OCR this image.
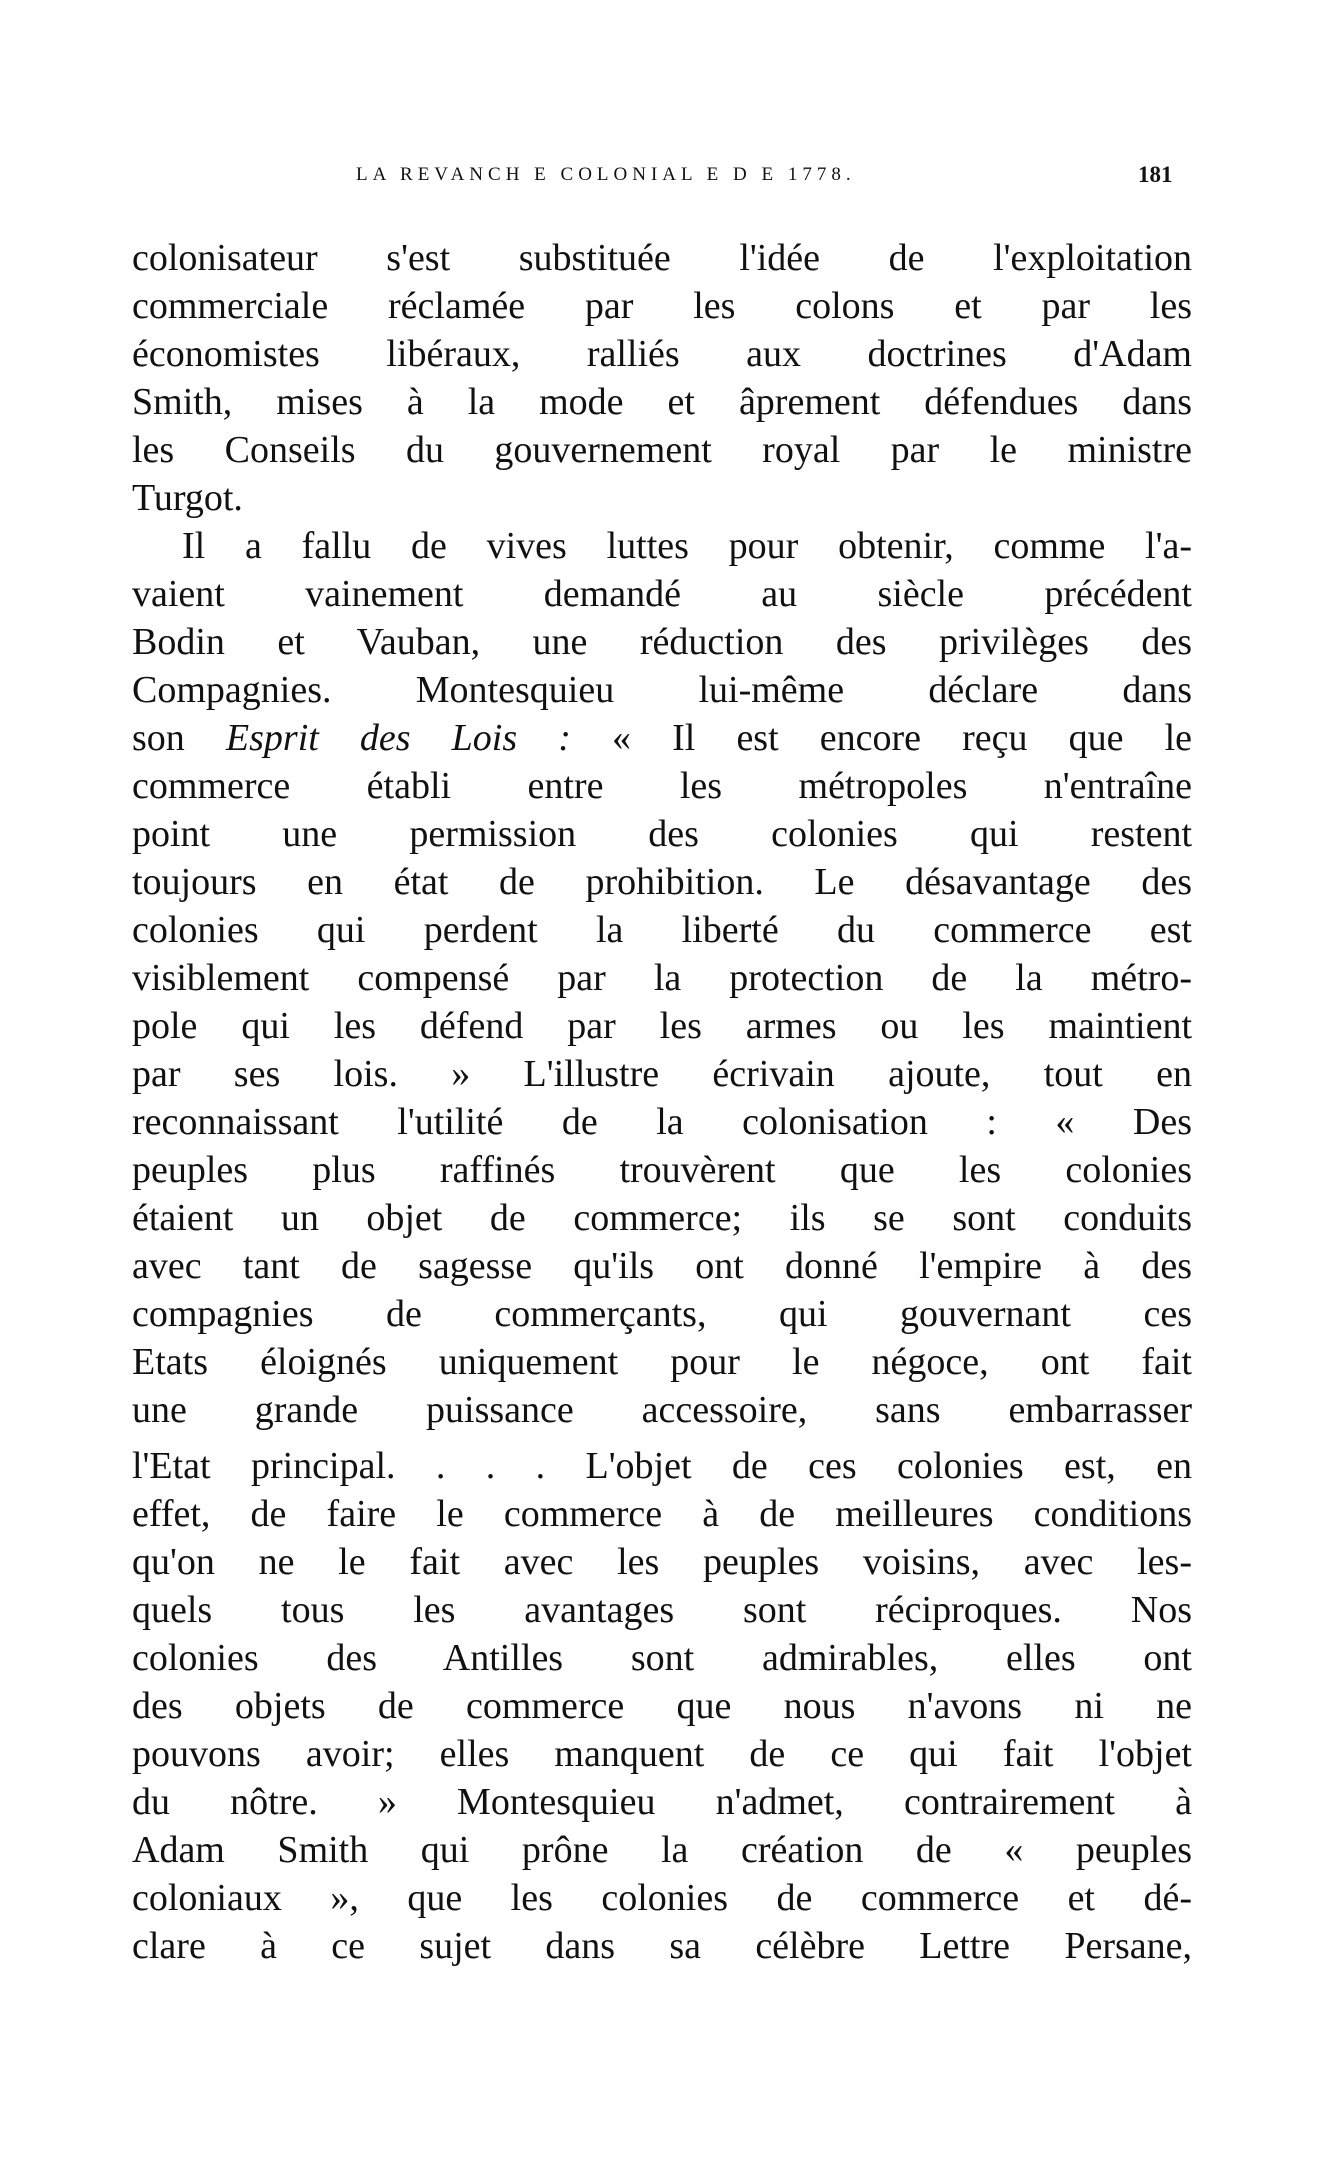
LA REVANCH E COLONIAL E D E 1778.	181
colonisateur s'est substituée l'idée de l'exploitation
commerciale réclamée par les colons et par les
économistes libéraux, ralliés aux doctrines d'Adam
Smith, mises à la mode et âprement défendues dans
les Conseils du gouvernement royal par le ministre
Turgot.
Il a fallu de vives luttes pour obtenir, comme l'a-
vaient vainement demandé au siècle précédent
Bodin et Vauban, une réduction des privilèges des
Compagnies. Montesquieu lui-même déclare dans
son Esprit des Lois : « Il est encore reçu que le
commerce établi entre les métropoles n'entraîne
point une permission des colonies qui restent
toujours en état de prohibition. Le désavantage des
colonies qui perdent la liberté du commerce est
visiblement compensé par la protection de la métro-
pole qui les défend par les armes ou les maintient
par ses lois. » L'illustre écrivain ajoute, tout en
reconnaissant l'utilité de la colonisation : « Des
peuples plus raffinés trouvèrent que les colonies
étaient un objet de commerce; ils se sont conduits
avec tant de sagesse qu'ils ont donné l'empire à des
compagnies de commerçants, qui gouvernant ces
Etats éloignés uniquement pour le négoce, ont fait
une grande puissance accessoire, sans embarrasser
l'Etat principal. . . . L'objet de ces colonies est, en
effet, de faire le commerce à de meilleures conditions
qu'on ne le fait avec les peuples voisins, avec les-
quels tous les avantages sont réciproques. Nos
colonies des Antilles sont admirables, elles ont
des objets de commerce que nous n'avons ni ne
pouvons avoir; elles manquent de ce qui fait l'objet
du nôtre. » Montesquieu n'admet, contrairement à
Adam Smith qui prône la création de « peuples
coloniaux », que les colonies de commerce et dé-
clare à ce sujet dans sa célèbre Lettre Persane,
